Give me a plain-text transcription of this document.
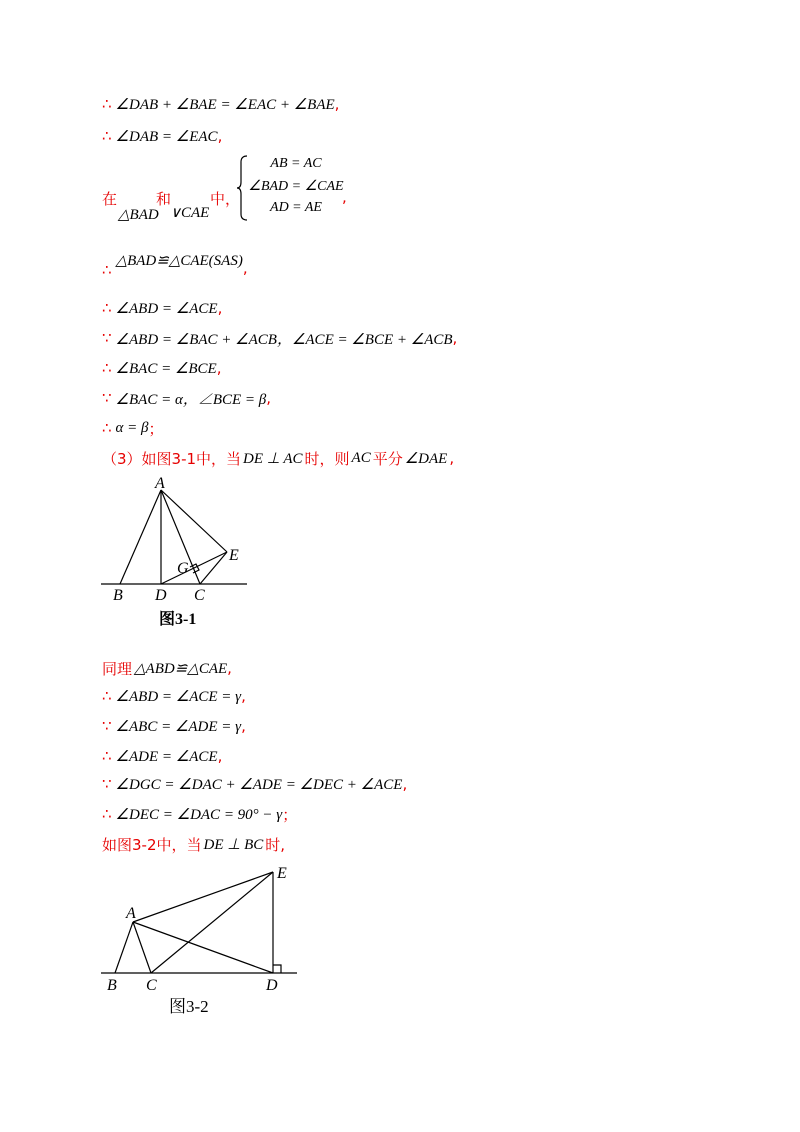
∴ ∠DAB + ∠BAE = ∠EAC + ∠BAE ,
∴ ∠DAB = ∠EAC ,
在
△BAD
和
∨CAE
中，	,
AB = AC
∠BAD = ∠CAE
AD = AE
∴
△BAD≌△CAE(SAS) ,
∴ ∠ABD = ∠ACE ,
∵ ∠ABD = ∠BAC + ∠ACB，∠ACE = ∠BCE + ∠ACB ,
∴ ∠BAC = ∠BCE ,
∵ ∠BAC = α，∠BCE = β ,
∴ α = β ；
（3）如图3-1中，当 DE ⊥ AC 时，则 AC 平分 ∠DAE ,
A
B D C
E
G
图3-1
同理 △ABD≌△CAE ,
∴ ∠ABD = ∠ACE = γ ,
∵ ∠ABC = ∠ADE = γ ,
∴ ∠ADE = ∠ACE ,
∵ ∠DGC = ∠DAC + ∠ADE = ∠DEC + ∠ACE ,
∴ ∠DEC = ∠DAC = 90° − γ ；
如图3-2中，当 DE ⊥ BC 时,
E
A
B C	D
图3-2
